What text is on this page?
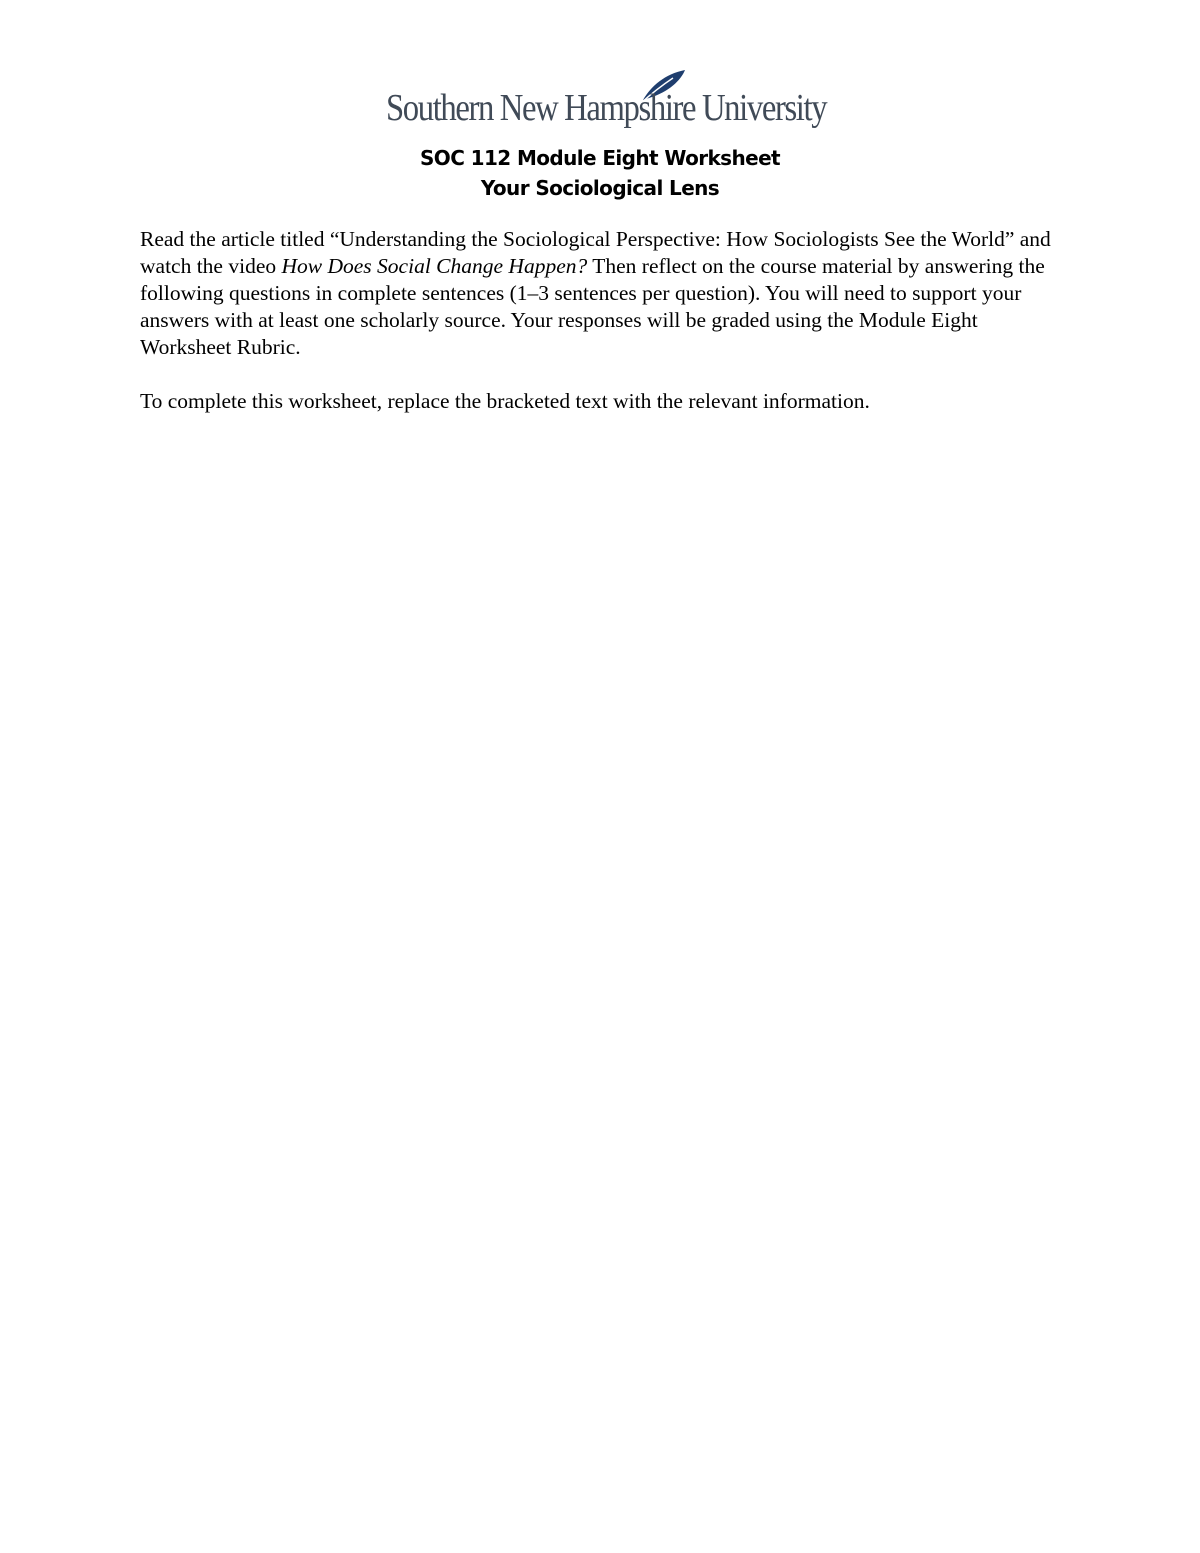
Southern New Hampshire University
SOC 112 Module Eight Worksheet
Your Sociological Lens

Read the article titled “Understanding the Sociological Perspective: How Sociologists See the World” and watch the video How Does Social Change Happen? Then reflect on the course material by answering the following questions in complete sentences (1–3 sentences per question). You will need to support your answers with at least one scholarly source. Your responses will be graded using the Module Eight Worksheet Rubric.

To complete this worksheet, replace the bracketed text with the relevant information.
